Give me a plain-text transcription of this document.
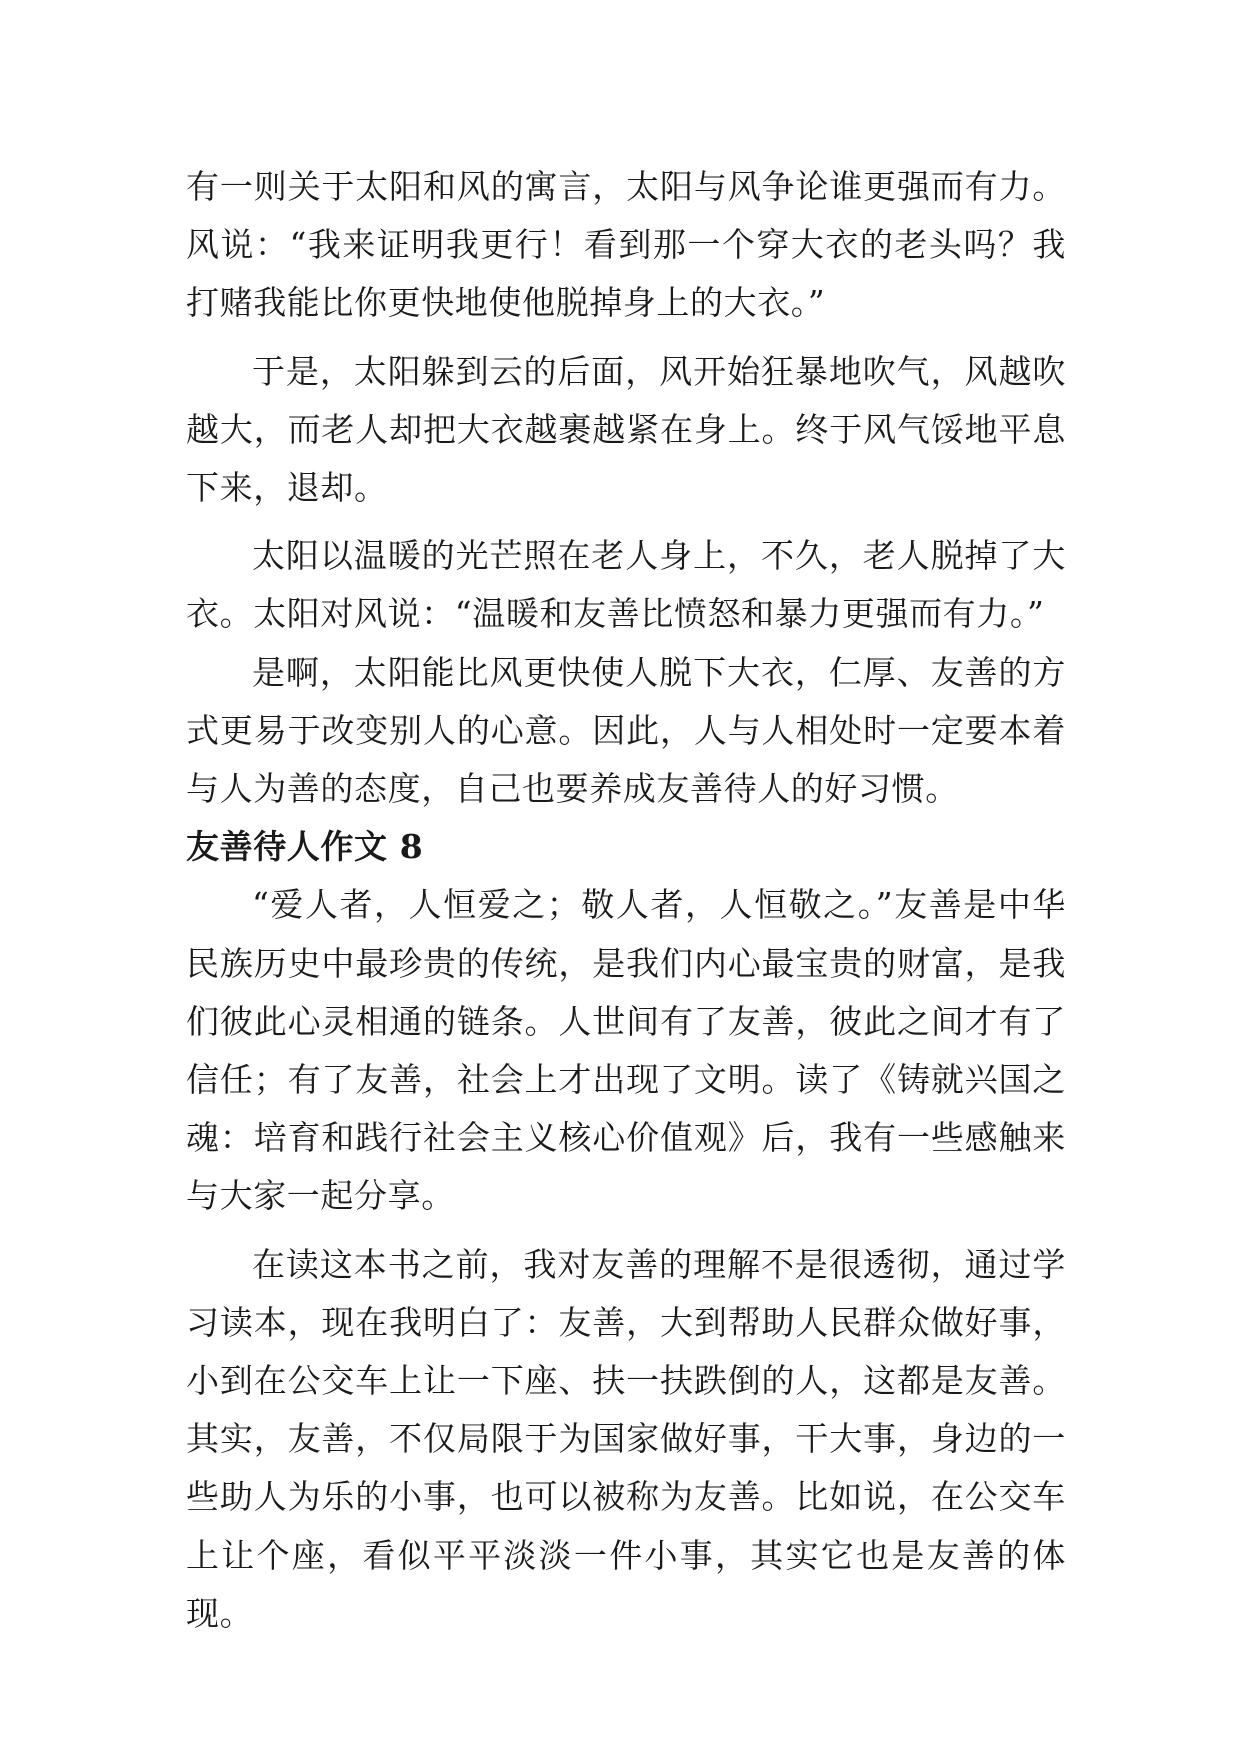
有一则关于太阳和风的寓言，太阳与风争论谁更强而有力。风说：“我来证明我更行！看到那一个穿大衣的老头吗？我打赌我能比你更快地使他脱掉身上的大衣。”

于是，太阳躲到云的后面，风开始狂暴地吹气，风越吹越大，而老人却把大衣越裹越紧在身上。终于风气馁地平息下来，退却。

太阳以温暖的光芒照在老人身上，不久，老人脱掉了大衣。太阳对风说：“温暖和友善比愤怒和暴力更强而有力。”

是啊，太阳能比风更快使人脱下大衣，仁厚、友善的方式更易于改变别人的心意。因此，人与人相处时一定要本着与人为善的态度，自己也要养成友善待人的好习惯。

友善待人作文 8

“爱人者，人恒爱之；敬人者，人恒敬之。”友善是中华民族历史中最珍贵的传统，是我们内心最宝贵的财富，是我们彼此心灵相通的链条。人世间有了友善，彼此之间才有了信任；有了友善，社会上才出现了文明。读了《铸就兴国之魂：培育和践行社会主义核心价值观》后，我有一些感触来与大家一起分享。

在读这本书之前，我对友善的理解不是很透彻，通过学习读本，现在我明白了：友善，大到帮助人民群众做好事，小到在公交车上让一下座、扶一扶跌倒的人，这都是友善。其实，友善，不仅局限于为国家做好事，干大事，身边的一些助人为乐的小事，也可以被称为友善。比如说，在公交车上让个座，看似平平淡淡一件小事，其实它也是友善的体现。
